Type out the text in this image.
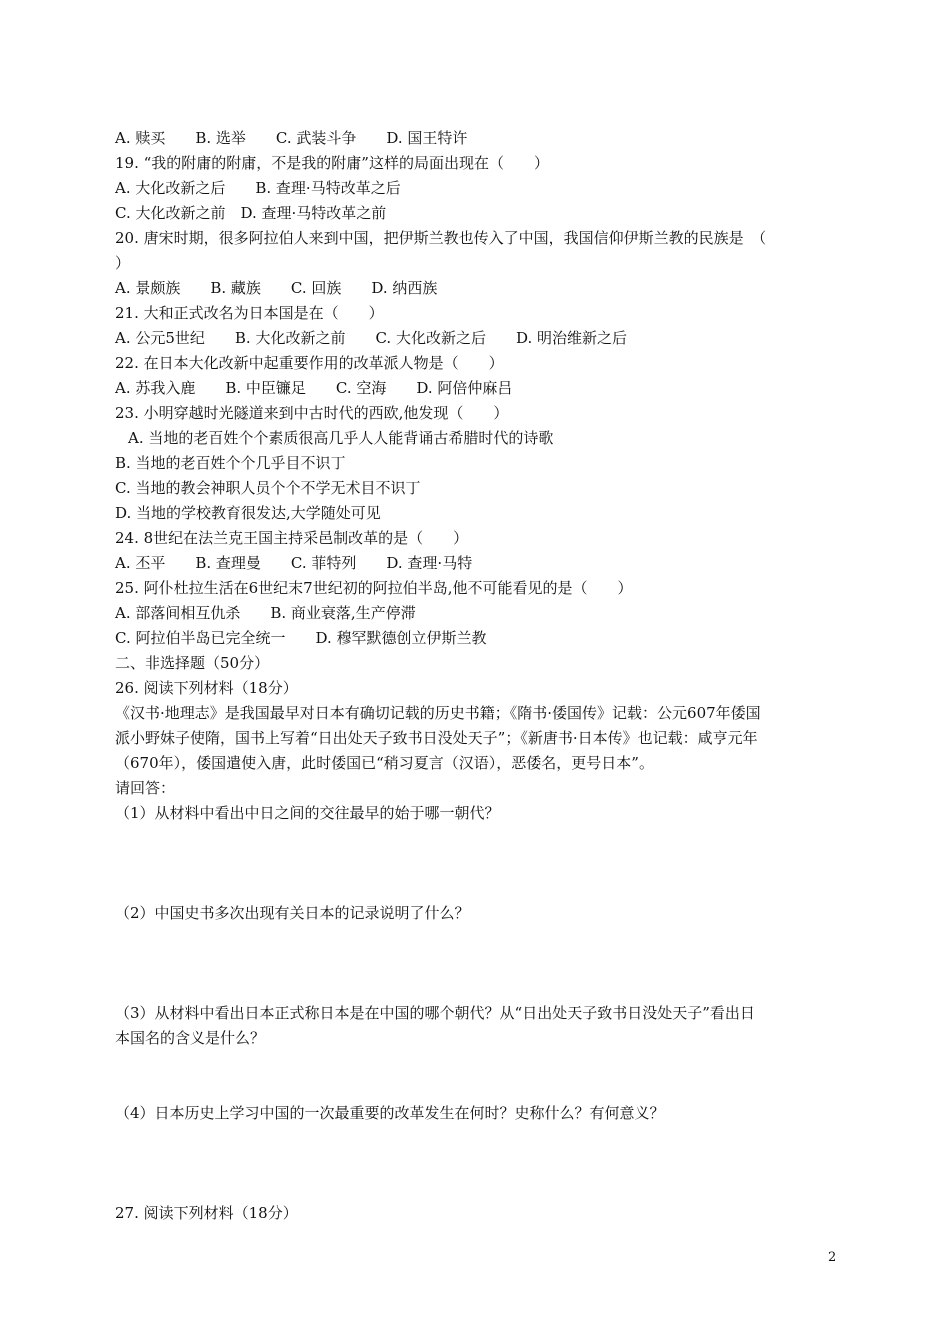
A. 赎买　　B. 选举　　C. 武装斗争　　D. 国王特许
19. “我的附庸的附庸，不是我的附庸”这样的局面出现在（　　）
A. 大化改新之后　　B. 查理·马特改革之后
C. 大化改新之前　D. 查理·马特改革之前
20. 唐宋时期，很多阿拉伯人来到中国，把伊斯兰教也传入了中国，我国信仰伊斯兰教的民族是　（
）
A. 景颇族　　B. 藏族　　C. 回族　　D. 纳西族
21. 大和正式改名为日本国是在（　　）
A. 公元5世纪　　B. 大化改新之前　　C. 大化改新之后　　D. 明治维新之后
22. 在日本大化改新中起重要作用的改革派人物是（　　）
A. 苏我入鹿　　B. 中臣镰足　　C. 空海　　D. 阿倍仲麻吕
23. 小明穿越时光隧道来到中古时代的西欧,他发现（　　）
A. 当地的老百姓个个素质很高几乎人人能背诵古希腊时代的诗歌
B. 当地的老百姓个个几乎目不识丁
C. 当地的教会神职人员个个不学无术目不识丁
D. 当地的学校教育很发达,大学随处可见
24. 8世纪在法兰克王国主持采邑制改革的是（　　）
A. 丕平　　B. 查理曼　　C. 菲特列　　D. 查理·马特
25. 阿仆杜拉生活在6世纪末7世纪初的阿拉伯半岛,他不可能看见的是（　　）
A. 部落间相互仇杀　　B. 商业衰落,生产停滞
C. 阿拉伯半岛已完全统一　　D. 穆罕默德创立伊斯兰教
二、非选择题（50分）
26. 阅读下列材料（18分）
《汉书·地理志》是我国最早对日本有确切记载的历史书籍；《隋书·倭国传》记载：公元607年倭国
派小野妹子使隋，国书上写着“日出处天子致书日没处天子”；《新唐书·日本传》也记载：咸亨元年
（670年），倭国遣使入唐，此时倭国已“稍习夏言（汉语），恶倭名，更号日本”。
请回答：
（1）从材料中看出中日之间的交往最早的始于哪一朝代？
（2）中国史书多次出现有关日本的记录说明了什么？
（3）从材料中看出日本正式称日本是在中国的哪个朝代？从“日出处天子致书日没处天子”看出日
本国名的含义是什么？
（4）日本历史上学习中国的一次最重要的改革发生在何时？史称什么？有何意义？
27. 阅读下列材料（18分）
2
